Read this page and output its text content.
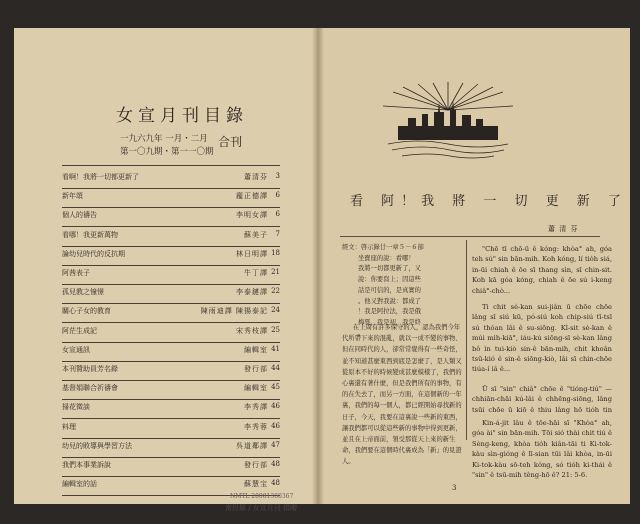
女宣月刊目錄
一九六九年 一月・二月
第一〇九期・第一一〇期
合刊
看啊！我將一切都更新了	蕭清芬 3
新年頌	龐正德譯 6
個人的禱告	李明女譯 6
看哪！我更新萬物	蘇美子 7
論幼兒時代的反抗期	林日明譯 18
阿茜表子	牛丁譯 21
孤兒教之憧憬	李泰鏈譯 22
關心子女的教育	陳雨迪譯 陳揚泰記 24
阿茫生成記	宋秀枝譯 25
女宣通訊	編輯室 41
本刊贊助員芳名錄	發行部 44
基督娟聯合祈禱會	編輯室 45
掃花徵談	李秀譯 46
料理	李秀蓉 46
幼兒的敗導與學習方法	呉道鄰譯 47
我們本事業訴說	發行部 48
編輯室的話	蘇慧宝 48
NMTL 20081360367
南投縣 / 女宣月刊 捐贈
看 阿！我 將 一 切 更 新 了
蕭 清 芬
經文：啓示錄廿一章５－６節
坐寶座的說：看哪！
我將一切都更新了，又
說：你要寫上；因這些
話是可信的，是真實的
。他又對我說：都成了
！我是阿拉法，我是俄
梅戛，我是初，我是終
。
在上周有許多保守的人，認為我們今年代所帶下來的混亂，就以一成不變的事物、但在同時代的人，卻常常覺得有一些奇怪，並不知道甚麼東西到底是怎麼了，是人類又從原本不好的時候變成甚麼模樣了，我們的心裏還有著什麼，但是我們所有的事物，有的在失去了，而另一方面，在這個新的一年裏，我們的每一個人，都已經開始尋找新的日子，今天，我要在這裏說一些新的東西，讓我們都可以從這些新的事物中得到更新，並且在上帝面前，領受那從天上來的新生命，我們要在這個時代裏成為「新」的見證人。
"Chē tī chō-ū ê kóng: khòa° ah, góa teh sú" sin bān-mih. Koh kóng, lí tio̍h siá, in-ūi chiah ê ōe sī thang sìn, sī chin-sit. Koh kā góa kóng, chiah ê ōe sú i-keng chiâ°-chò...
Ti chit sè-kan sui-jiân ū chōe chōe lâng sī siú kū, pó-siú koh chip-siú tī-tsī sú thóan lâi ê su-siōng. Kî-sit sè-kan ê múi mi̍h-kiā°, iáu-kú siōng-sī sè-kan lâng bô ìn tui-kiò sin-ê bān-mih, chit khoân tsū-kió ê sin-ê siōng-kiò, lâi sī chin-chōe tiúa-í iâ ê...
Ū sī "sin" chiâ° chōe ê "tióng-tiú" — chhiān-chāi kú-lâi ê chhēng-siōng, lâng tsūi chōe ū kiō ê thiu lâng hō tióh tin
Kin-á-jit lâu ê tōe-hāi sī "Khòa° ah, góa ài" sin bān-mih. Tōi sió thài chit tiú ê Sèng-keng, khòa tióh kiân-tāi ti Ki-tok-kàu sìn-gióng ê lī-sian tūi lâi khòa, in-ūi Ki-tok-kàu sō-teh kóng, só tióh ki-thái ê "sin" ê tsū-mih têng-hō ê? 21: 5-6.
3
